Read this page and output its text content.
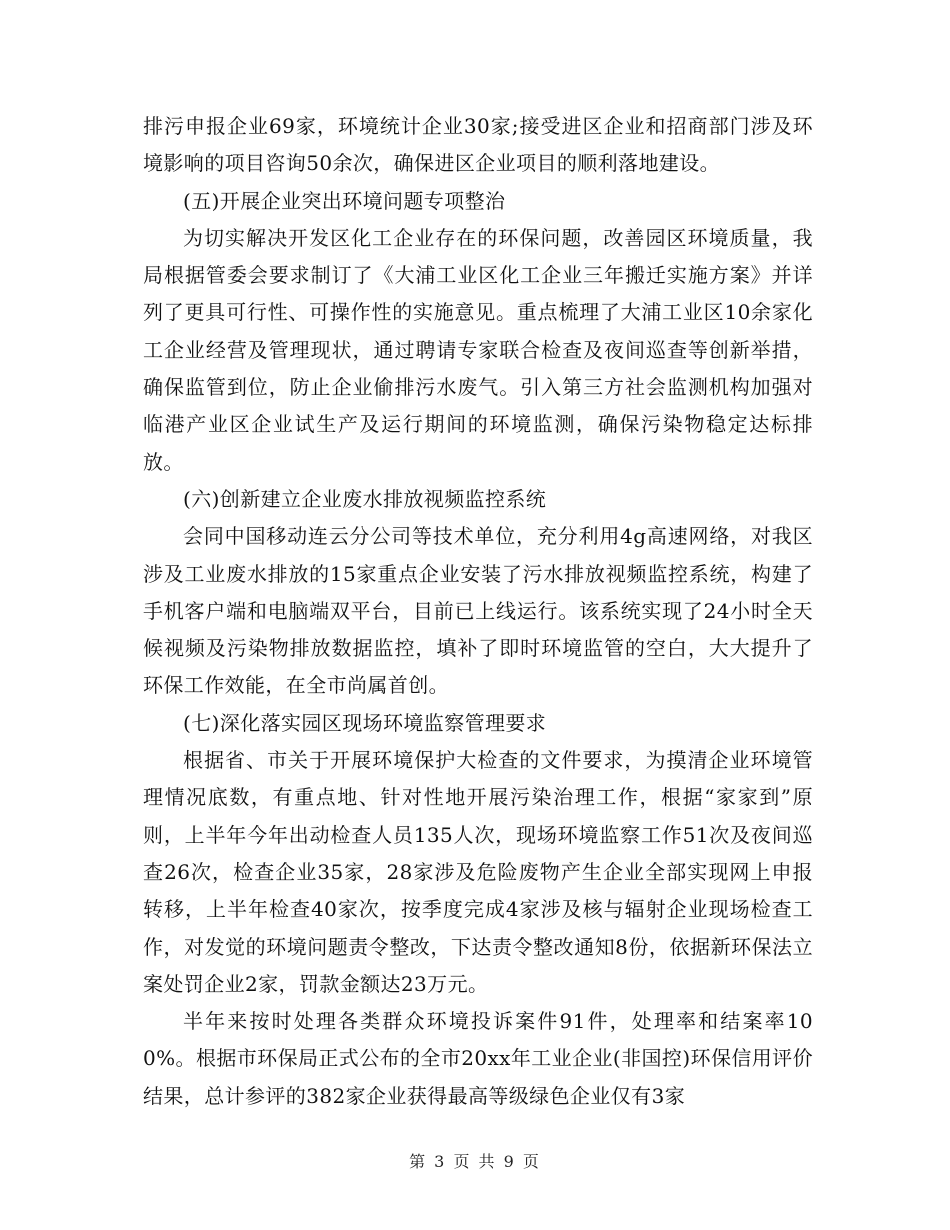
排污申报企业69家，环境统计企业30家;接受进区企业和招商部门涉及环境影响的项目咨询50余次，确保进区企业项目的顺利落地建设。

(五)开展企业突出环境问题专项整治

为切实解决开发区化工企业存在的环保问题，改善园区环境质量，我局根据管委会要求制订了《大浦工业区化工企业三年搬迁实施方案》并详列了更具可行性、可操作性的实施意见。重点梳理了大浦工业区10余家化工企业经营及管理现状，通过聘请专家联合检查及夜间巡查等创新举措，确保监管到位，防止企业偷排污水废气。引入第三方社会监测机构加强对临港产业区企业试生产及运行期间的环境监测，确保污染物稳定达标排放。

(六)创新建立企业废水排放视频监控系统

会同中国移动连云分公司等技术单位，充分利用4g高速网络，对我区涉及工业废水排放的15家重点企业安装了污水排放视频监控系统，构建了手机客户端和电脑端双平台，目前已上线运行。该系统实现了24小时全天候视频及污染物排放数据监控，填补了即时环境监管的空白，大大提升了环保工作效能，在全市尚属首创。

(七)深化落实园区现场环境监察管理要求

根据省、市关于开展环境保护大检查的文件要求，为摸清企业环境管理情况底数，有重点地、针对性地开展污染治理工作，根据“家家到”原则，上半年今年出动检查人员135人次，现场环境监察工作51次及夜间巡查26次，检查企业35家，28家涉及危险废物产生企业全部实现网上申报转移，上半年检查40家次，按季度完成4家涉及核与辐射企业现场检查工作，对发觉的环境问题责令整改，下达责令整改通知8份，依据新环保法立案处罚企业2家，罚款金额达23万元。

半年来按时处理各类群众环境投诉案件91件，处理率和结案率100%。根据市环保局正式公布的全市20xx年工业企业(非国控)环保信用评价结果，总计参评的382家企业获得最高等级绿色企业仅有3家

第 3 页 共 9 页
